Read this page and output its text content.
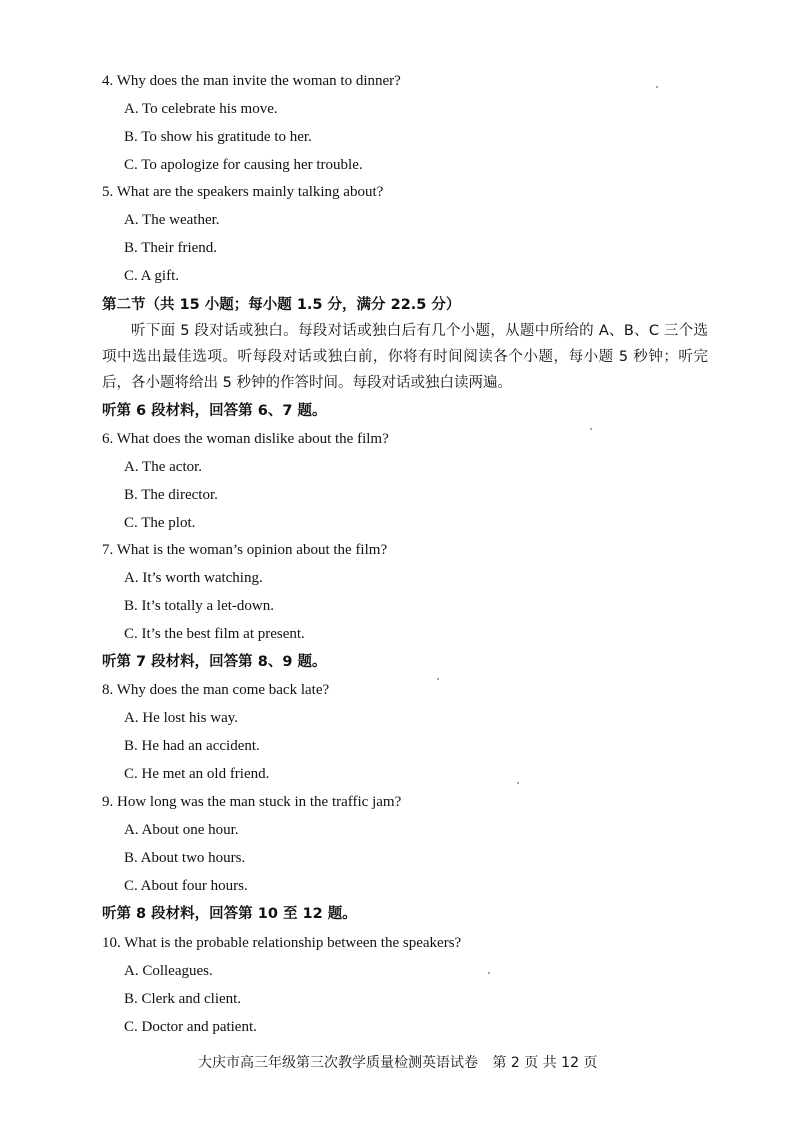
4. Why does the man invite the woman to dinner?
A. To celebrate his move.
B. To show his gratitude to her.
C. To apologize for causing her trouble.
5. What are the speakers mainly talking about?
A. The weather.
B. Their friend.
C. A gift.
第二节（共 15 小题；每小题 1.5 分，满分 22.5 分）
听下面 5 段对话或独白。每段对话或独白后有几个小题，从题中所给的 A、B、C 三个选项中选出最佳选项。听每段对话或独白前，你将有时间阅读各个小题，每小题 5 秒钟；听完后，各小题将给出 5 秒钟的作答时间。每段对话或独白读两遍。
听第 6 段材料，回答第 6、7 题。
6. What does the woman dislike about the film?
A. The actor.
B. The director.
C. The plot.
7. What is the woman’s opinion about the film?
A. It’s worth watching.
B. It’s totally a let-down.
C. It’s the best film at present.
听第 7 段材料，回答第 8、9 题。
8. Why does the man come back late?
A. He lost his way.
B. He had an accident.
C. He met an old friend.
9. How long was the man stuck in the traffic jam?
A. About one hour.
B. About two hours.
C. About four hours.
听第 8 段材料，回答第 10 至 12 题。
10. What is the probable relationship between the speakers?
A. Colleagues.
B. Clerk and client.
C. Doctor and patient.
大庆市高三年级第三次教学质量检测英语试卷 第 2 页 共 12 页
